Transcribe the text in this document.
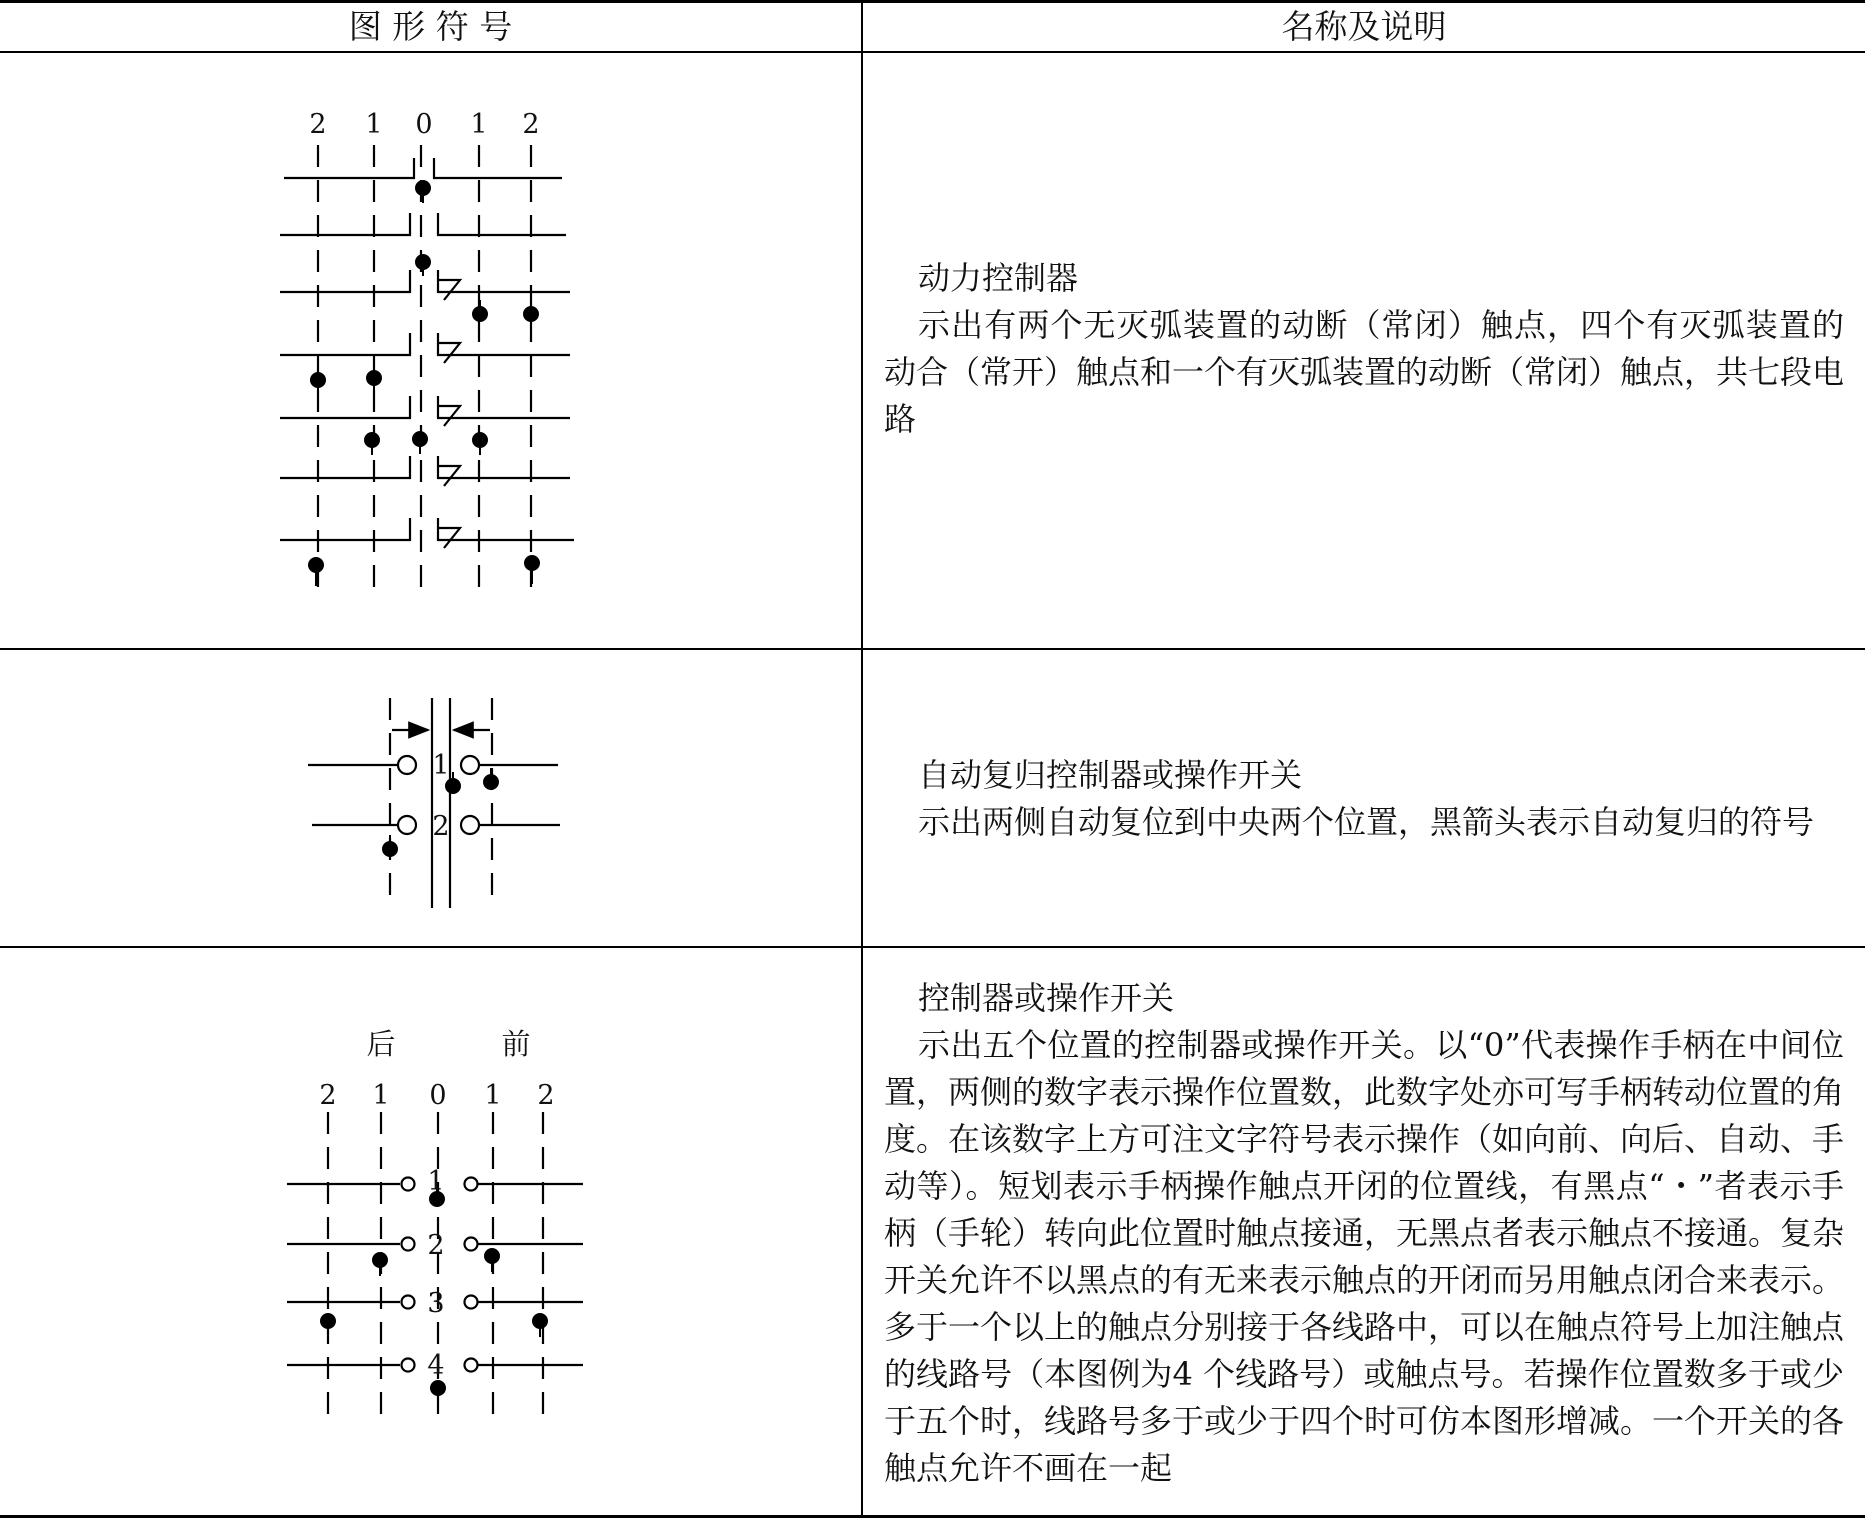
图 形 符 号	名称及说明

动力控制器

示出有两个无灭弧装置的动断（常闭）触点，四个有灭弧装置的动合（常开）触点和一个有灭弧装置的动断（常闭）触点，共七段电路

自动复归控制器或操作开关

示出两侧自动复位到中央两个位置，黑箭头表示自动复归的符号

控制器或操作开关

示出五个位置的控制器或操作开关。以“0”代表操作手柄在中间位置，两侧的数字表示操作位置数，此数字处亦可写手柄转动位置的角度。在该数字上方可注文字符号表示操作（如向前、向后、自动、手动等）。短划表示手柄操作触点开闭的位置线，有黑点“・”者表示手柄（手轮）转向此位置时触点接通，无黑点者表示触点不接通。复杂开关允许不以黑点的有无来表示触点的开闭而另用触点闭合来表示。多于一个以上的触点分别接于各线路中，可以在触点符号上加注触点的线路号（本图例为4 个线路号）或触点号。若操作位置数多于或少于五个时，线路号多于或少于四个时可仿本图形增减。一个开关的各触点允许不画在一起

2 1 0 1 2
1
2
后	前
2 1 0 1 2
1
2
3
4
